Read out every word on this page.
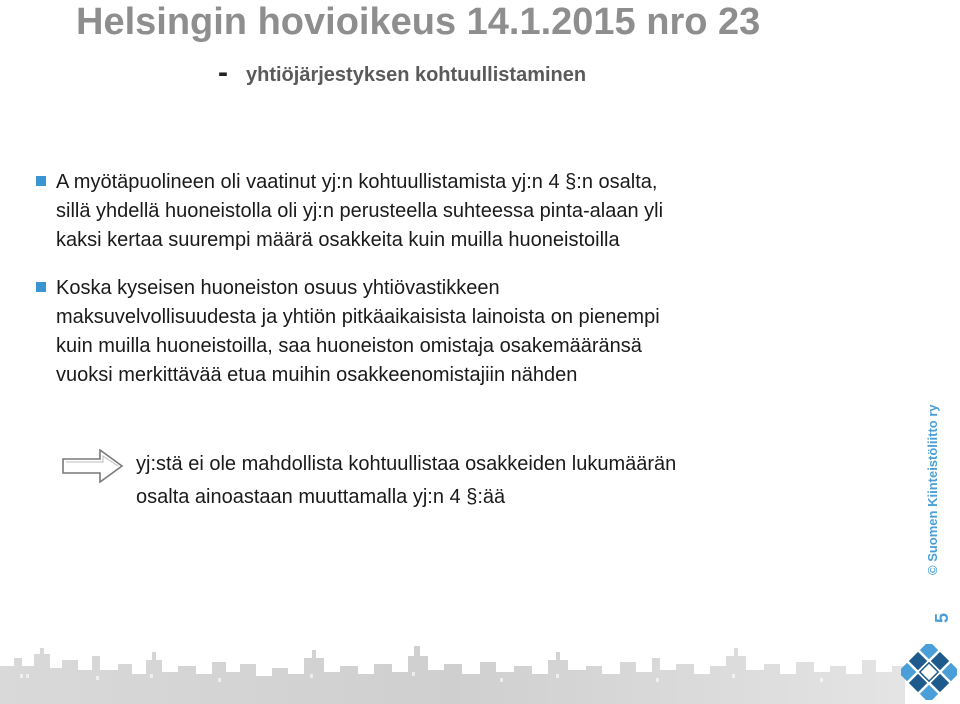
Helsingin hovioikeus 14.1.2015 nro 23
- yhtiöjärjestyksen kohtuullistaminen
A myötäpuolineen oli vaatinut yj:n kohtuullistamista yj:n 4 §:n osalta,
sillä yhdellä huoneistolla oli yj:n perusteella suhteessa pinta-alaan yli
kaksi kertaa suurempi määrä osakkeita kuin muilla huoneistoilla
Koska kyseisen huoneiston osuus yhtiövastikkeen
maksuvelvollisuudesta ja yhtiön pitkäaikaisista lainoista on pienempi
kuin muilla huoneistoilla, saa huoneiston omistaja osakemääränsä
vuoksi merkittävää etua muihin osakkeenomistajiin nähden
yj:stä ei ole mahdollista kohtuullistaa osakkeiden lukumäärän
osalta ainoastaan muuttamalla yj:n 4 §:ää	© Suomen Kiinteistöliitto ry
5
